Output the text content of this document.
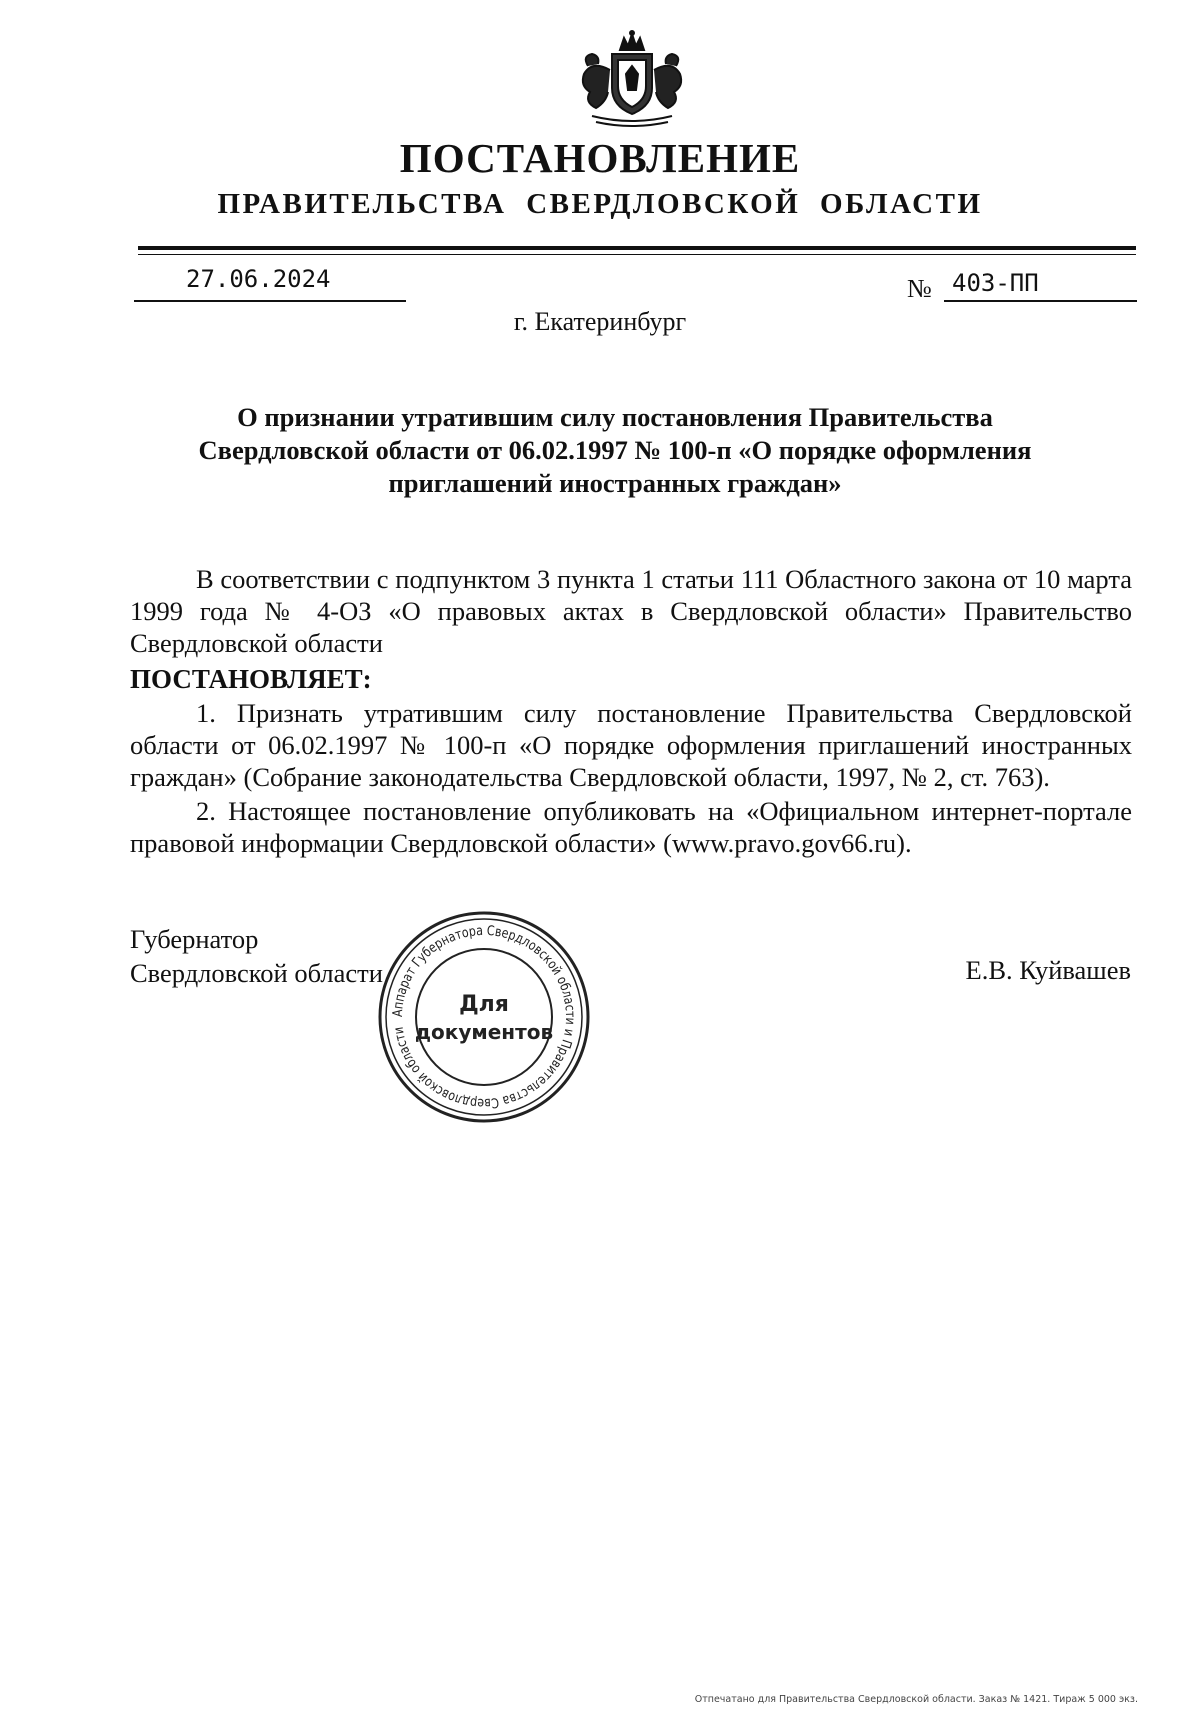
ПОСТАНОВЛЕНИЕ
ПРАВИТЕЛЬСТВА СВЕРДЛОВСКОЙ ОБЛАСТИ
27.06.2024	№ 403-ПП
г. Екатеринбург
О признании утратившим силу постановления Правительства Свердловской области от 06.02.1997 № 100-п «О порядке оформления приглашений иностранных граждан»
В соответствии с подпунктом 3 пункта 1 статьи 111 Областного закона от 10 марта 1999 года № 4-ОЗ «О правовых актах в Свердловской области» Правительство Свердловской области
ПОСТАНОВЛЯЕТ:
1. Признать утратившим силу постановление Правительства Свердловской области от 06.02.1997 № 100-п «О порядке оформления приглашений иностранных граждан» (Собрание законодательства Свердловской области, 1997, № 2, ст. 763).
2. Настоящее постановление опубликовать на «Официальном интернет-портале правовой информации Свердловской области» (www.pravo.gov66.ru).
Губернатор
Свердловской области	Е.В. Куйвашев
Аппарат Губернатора Свердловской области и Правительства Свердловской области
Для
документов
Отпечатано для Правительства Свердловской области. Заказ № 1421. Тираж 5 000 экз.
